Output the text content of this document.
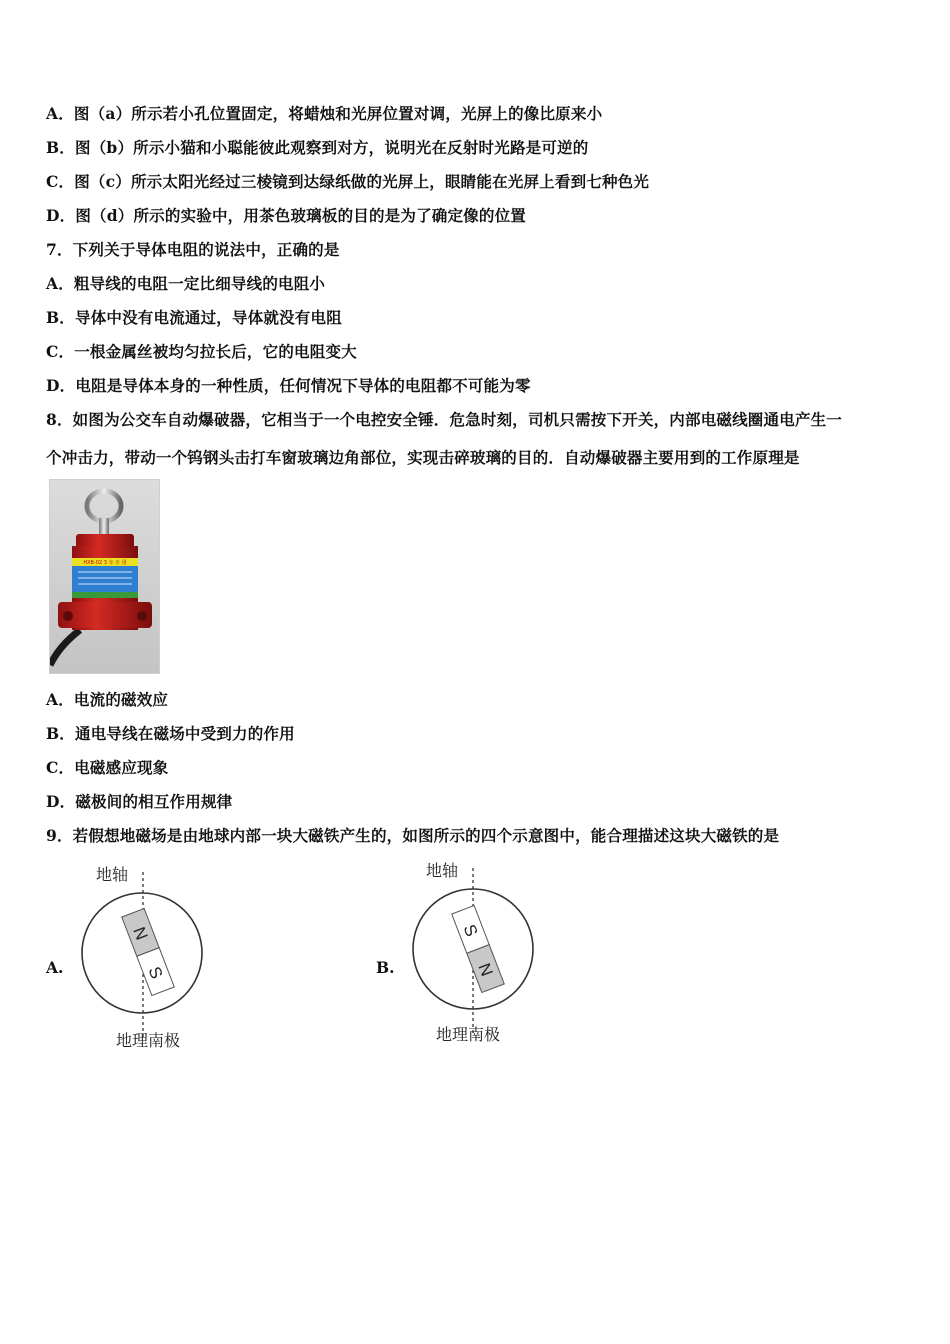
A．图（a）所示若小孔位置固定，将蜡烛和光屏位置对调，光屏上的像比原来小
B．图（b）所示小猫和小聪能彼此观察到对方，说明光在反射时光路是可逆的
C．图（c）所示太阳光经过三棱镜到达绿纸做的光屏上，眼睛能在光屏上看到七种色光
D．图（d）所示的实验中，用茶色玻璃板的目的是为了确定像的位置
7．下列关于导体电阻的说法中，正确的是
A．粗导线的电阻一定比细导线的电阻小
B．导体中没有电流通过，导体就没有电阻
C．一根金属丝被均匀拉长后，它的电阻变大
D．电阻是导体本身的一种性质，任何情况下导体的电阻都不可能为零
8．如图为公交车自动爆破器，它相当于一个电控安全锤．危急时刻，司机只需按下开关，内部电磁线圈通电产生一
个冲击力，带动一个钨钢头击打车窗玻璃边角部位，实现击碎玻璃的目的．自动爆破器主要用到的工作原理是
HXB-02 3 车 专 用
A．电流的磁效应
B．通电导线在磁场中受到力的作用
C．电磁感应现象
D．磁极间的相互作用规律
9．若假想地磁场是由地球内部一块大磁铁产生的，如图所示的四个示意图中，能合理描述这块大磁铁的是
A.
地轴
N
S
地理南极
B.
地轴
S
N
地理南极
